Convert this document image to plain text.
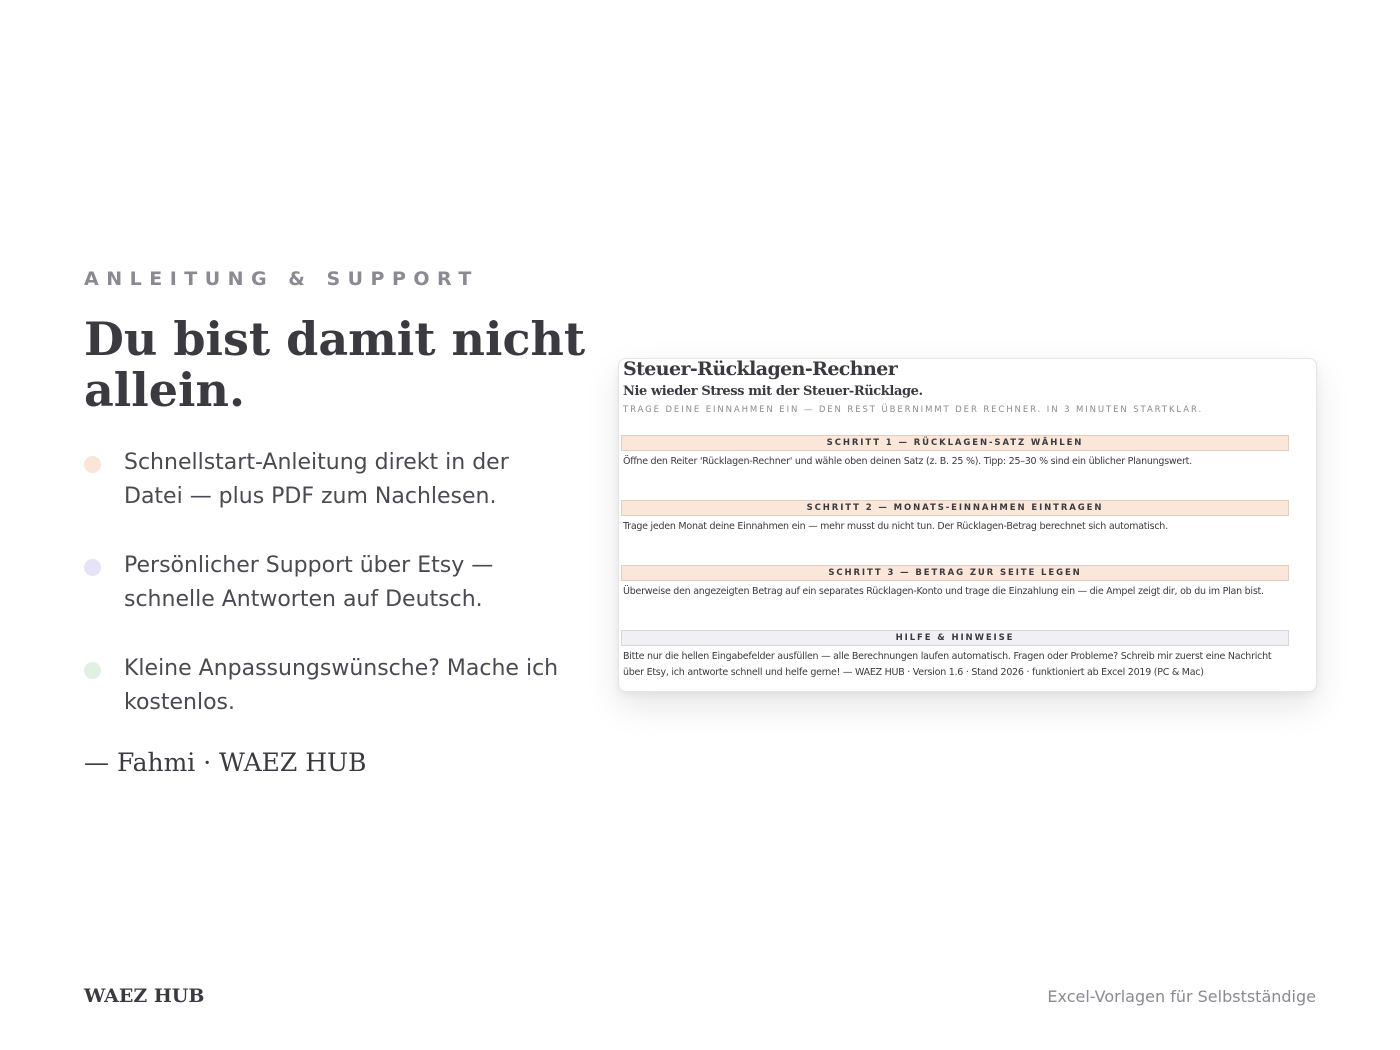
ANLEITUNG & SUPPORT
Du bist damit nicht allein.
Schnellstart-Anleitung direkt in der Datei — plus PDF zum Nachlesen.
Persönlicher Support über Etsy — schnelle Antworten auf Deutsch.
Kleine Anpassungswünsche? Mache ich kostenlos.
— Fahmi · WAEZ HUB
Steuer-Rücklagen-Rechner
Nie wieder Stress mit der Steuer-Rücklage.
TRAGE DEINE EINNAHMEN EIN — DEN REST ÜBERNIMMT DER RECHNER. IN 3 MINUTEN STARTKLAR.
SCHRITT 1 — RÜCKLAGEN-SATZ WÄHLEN
Öffne den Reiter 'Rücklagen-Rechner' und wähle oben deinen Satz (z. B. 25 %). Tipp: 25–30 % sind ein üblicher Planungswert.
SCHRITT 2 — MONATS-EINNAHMEN EINTRAGEN
Trage jeden Monat deine Einnahmen ein — mehr musst du nicht tun. Der Rücklagen-Betrag berechnet sich automatisch.
SCHRITT 3 — BETRAG ZUR SEITE LEGEN
Überweise den angezeigten Betrag auf ein separates Rücklagen-Konto und trage die Einzahlung ein — die Ampel zeigt dir, ob du im Plan bist.
HILFE & HINWEISE
Bitte nur die hellen Eingabefelder ausfüllen — alle Berechnungen laufen automatisch. Fragen oder Probleme? Schreib mir zuerst eine Nachricht über Etsy, ich antworte schnell und helfe gerne! — WAEZ HUB · Version 1.6 · Stand 2026 · funktioniert ab Excel 2019 (PC & Mac)
WAEZ HUB	Excel-Vorlagen für Selbstständige
